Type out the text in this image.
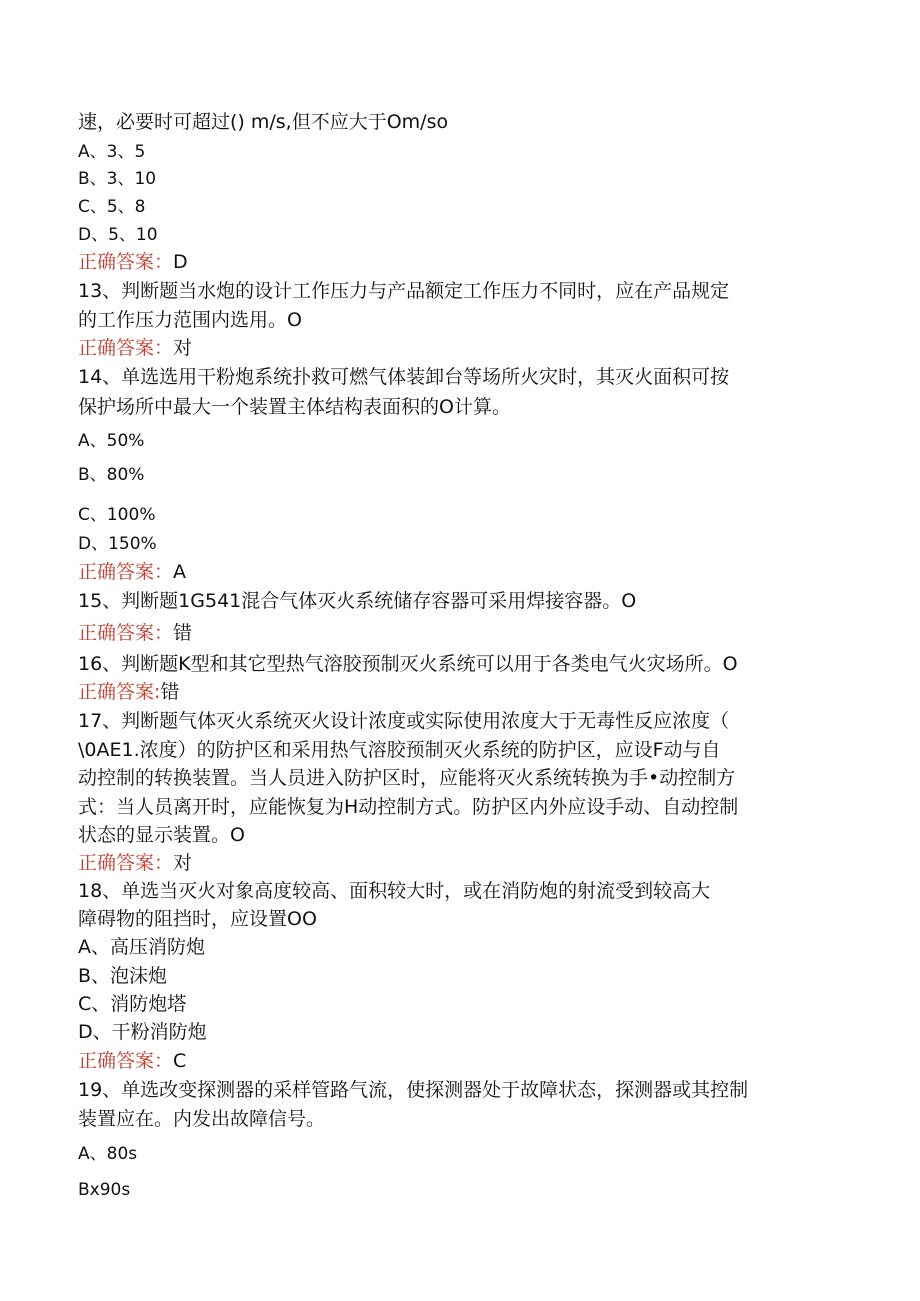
速，必要时可超过() m/s,但不应大于Om/so
A、3、5
B、3、10
C、5、8
D、5、10
正确答案：D
13、判断题当水炮的设计工作压力与产品额定工作压力不同时，应在产品规定
的工作压力范围内选用。O
正确答案：对
14、单选选用干粉炮系统扑救可燃气体装卸台等场所火灾时，其灭火面积可按
保护场所中最大一个装置主体结构表面积的O计算。
A、50%
B、80%
C、100%
D、150%
正确答案：A
15、判断题1G541混合气体灭火系统储存容器可采用焊接容器。O
正确答案：错
16、判断题K型和其它型热气溶胶预制灭火系统可以用于各类电气火灾场所。O
正确答案:错
17、判断题气体灭火系统灭火设计浓度或实际使用浓度大于无毒性反应浓度（
\0AE1.浓度）的防护区和采用热气溶胶预制灭火系统的防护区，应设F动与自
动控制的转换装置。当人员进入防护区时，应能将灭火系统转换为手•动控制方
式：当人员离开时，应能恢复为H动控制方式。防护区内外应设手动、自动控制
状态的显示装置。O
正确答案：对
18、单选当灭火对象高度较高、面积较大时，或在消防炮的射流受到较高大
障碍物的阻挡时，应设置OO
A、高压消防炮
B、泡沫炮
C、消防炮塔
D、干粉消防炮
正确答案：C
19、单选改变探测器的采样管路气流，使探测器处于故障状态，探测器或其控制
装置应在。内发出故障信号。
A、80s
Bx90s
